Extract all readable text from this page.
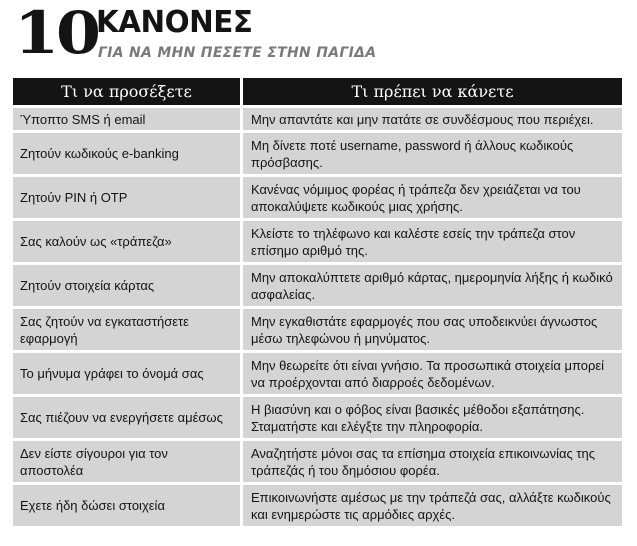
10
ΚΑΝΟΝΕΣ
ΓΙΑ ΝΑ ΜΗΝ ΠΕΣΕΤΕ ΣΤΗΝ ΠΑΓΙΔΑ
Τι να προσέξετε	Τι πρέπει να κάνετε
Ύποπτο SMS ή email	Μην απαντάτε και μην πατάτε σε συνδέσμους που περιέχει.
Ζητούν κωδικούς e-banking	Μη δίνετε ποτέ username, password ή άλλους κωδικούς πρόσβασης.
Ζητούν PIN ή OTP	Κανένας νόμιμος φορέας ή τράπεζα δεν χρειάζεται να του αποκαλύψετε κωδικούς μιας χρήσης.
Σας καλούν ως «τράπεζα»	Κλείστε το τηλέφωνο και καλέστε εσείς την τράπεζα στον επίσημο αριθμό της.
Ζητούν στοιχεία κάρτας	Μην αποκαλύπτετε αριθμό κάρτας, ημερομηνία λήξης ή κωδικό ασφαλείας.
Σας ζητούν να εγκαταστήσετε εφαρμογή	Μην εγκαθιστάτε εφαρμογές που σας υποδεικνύει άγνωστος μέσω τηλεφώνου ή μηνύματος.
Το μήνυμα γράφει το όνομά σας	Μην θεωρείτε ότι είναι γνήσιο. Τα προσωπικά στοιχεία μπορεί να προέρχονται από διαρροές δεδομένων.
Σας πιέζουν να ενεργήσετε αμέσως	Η βιασύνη και ο φόβος είναι βασικές μέθοδοι εξαπάτησης. Σταματήστε και ελέγξτε την πληροφορία.
Δεν είστε σίγουροι για τον αποστολέα	Αναζητήστε μόνοι σας τα επίσημα στοιχεία επικοινωνίας της τράπεζάς ή του δημόσιου φορέα.
Εχετε ήδη δώσει στοιχεία	Επικοινωνήστε αμέσως με την τράπεζά σας, αλλάξτε κωδικούς και ενημερώστε τις αρμόδιες αρχές.
